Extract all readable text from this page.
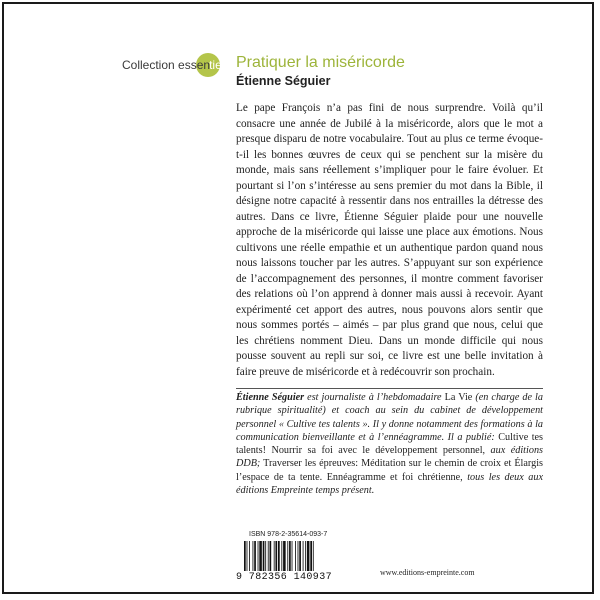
Collection essentiel Pratiquer la miséricorde
Étienne Séguier
Le pape François n’a pas fini de nous surprendre. Voilà qu’il consacre une année de Jubilé à la miséricorde, alors que le mot a presque disparu de notre vocabulaire. Tout au plus ce terme évoque-t-il les bonnes œuvres de ceux qui se penchent sur la misère du monde, mais sans réellement s’impliquer pour le faire évoluer. Et pourtant si l’on s’intéresse au sens premier du mot dans la Bible, il désigne notre capacité à ressentir dans nos entrailles la détresse des autres. Dans ce livre, Étienne Séguier plaide pour une nouvelle approche de la miséricorde qui laisse une place aux émotions. Nous cultivons une réelle empathie et un authentique pardon quand nous nous laissons toucher par les autres. S’appuyant sur son expérience de l’accompagnement des personnes, il montre comment favoriser des relations où l’on apprend à donner mais aussi à recevoir. Ayant expérimenté cet apport des autres, nous pouvons alors sentir que nous sommes portés – aimés – par plus grand que nous, celui que les chrétiens nomment Dieu. Dans un monde difficile qui nous pousse souvent au repli sur soi, ce livre est une belle invitation à faire preuve de miséricorde et à redécouvrir son prochain.
Étienne Séguier est journaliste à l’hebdomadaire La Vie (en charge de la rubrique spiritualité) et coach au sein du cabinet de développement personnel « Cultive tes talents ». Il y donne notamment des formations à la communication bienveillante et à l’ennéagramme. Il a publié: Cultive tes talents! Nourrir sa foi avec le développement personnel, aux éditions DDB; Traverser les épreuves: Méditation sur le chemin de croix et Élargis l’espace de ta tente. Ennéagramme et foi chrétienne, tous les deux aux éditions Empreinte temps présent.
ISBN 978-2-35614-093-7
9 782356 140937	www.editions-empreinte.com
